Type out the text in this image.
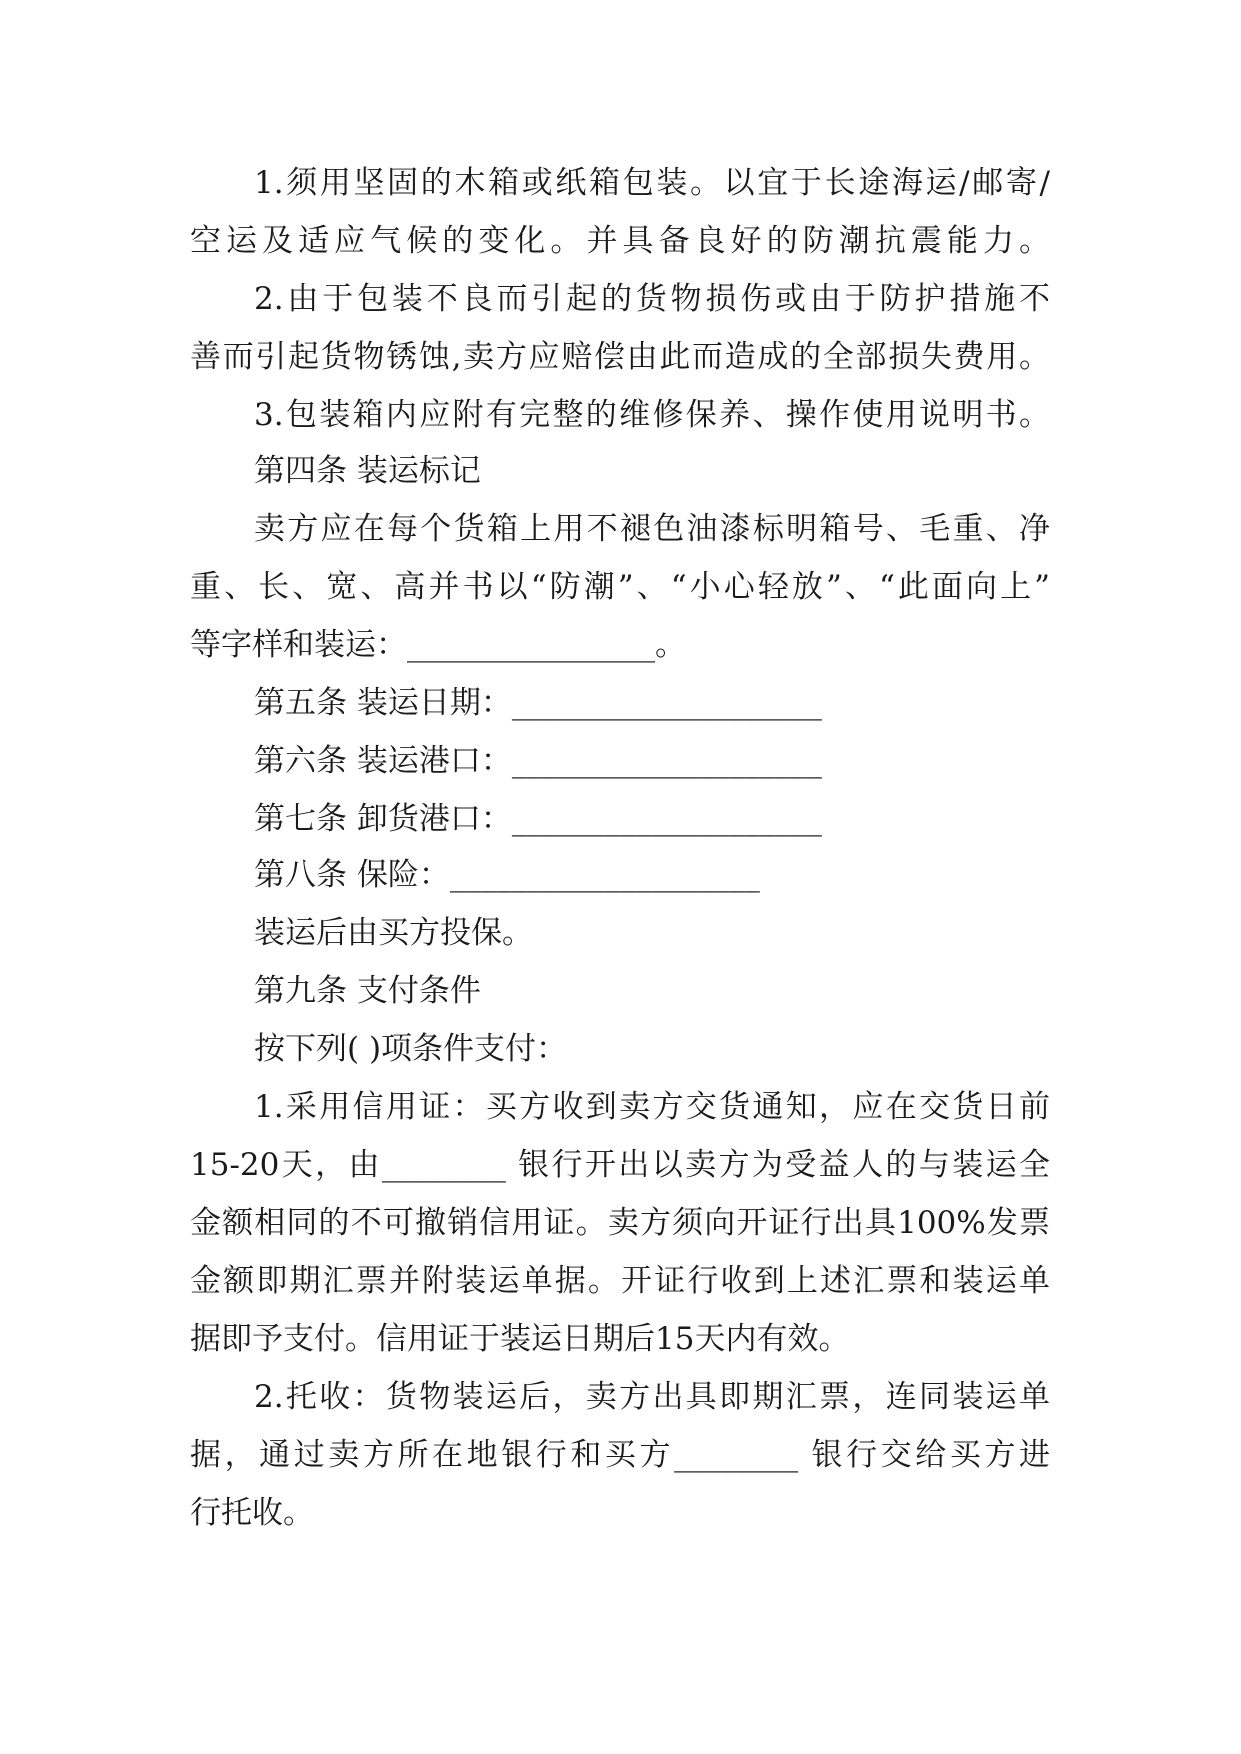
1.须用坚固的木箱或纸箱包装。以宜于长途海运/邮寄/
空运及适应气候的变化。并具备良好的防潮抗震能力。
2.由于包装不良而引起的货物损伤或由于防护措施不
善而引起货物锈蚀,卖方应赔偿由此而造成的全部损失费用。
3.包装箱内应附有完整的维修保养、操作使用说明书。
第四条 装运标记
卖方应在每个货箱上用不褪色油漆标明箱号、毛重、净
重、长、宽、高并书以“防潮”、“小心轻放”、“此面向上”
等字样和装运：________________。
第五条 装运日期：____________________
第六条 装运港口：____________________
第七条 卸货港口：____________________
第八条 保险：____________________
装运后由买方投保。
第九条 支付条件
按下列( )项条件支付：
1.采用信用证：买方收到卖方交货通知，应在交货日前
15-20天，由________ 银行开出以卖方为受益人的与装运全
金额相同的不可撤销信用证。卖方须向开证行出具100%发票
金额即期汇票并附装运单据。开证行收到上述汇票和装运单
据即予支付。信用证于装运日期后15天内有效。
2.托收：货物装运后，卖方出具即期汇票，连同装运单
据，通过卖方所在地银行和买方________ 银行交给买方进
行托收。
